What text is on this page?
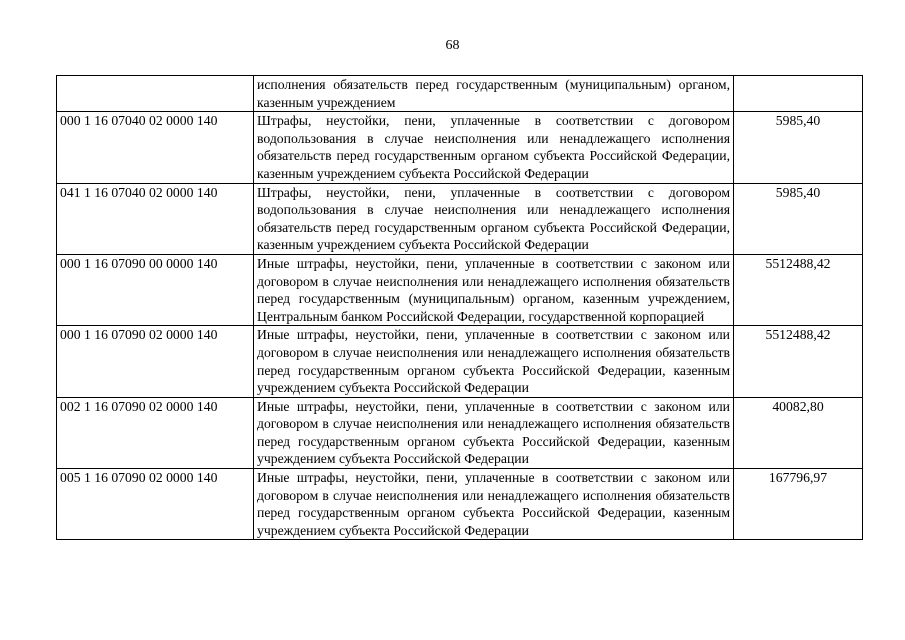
68
	исполнения обязательств перед государственным (муниципальным) органом, казенным учреждением	
000 1 16 07040 02 0000 140	Штрафы, неустойки, пени, уплаченные в соответствии с договором водопользования в случае неисполнения или ненадлежащего исполнения обязательств перед государственным органом субъекта Российской Федерации, казенным учреждением субъекта Российской Федерации	5985,40
041 1 16 07040 02 0000 140	Штрафы, неустойки, пени, уплаченные в соответствии с договором водопользования в случае неисполнения или ненадлежащего исполнения обязательств перед государственным органом субъекта Российской Федерации, казенным учреждением субъекта Российской Федерации	5985,40
000 1 16 07090 00 0000 140	Иные штрафы, неустойки, пени, уплаченные в соответствии с законом или договором в случае неисполнения или ненадлежащего исполнения обязательств перед государственным (муниципальным) органом, казенным учреждением, Центральным банком Российской Федерации, государственной корпорацией	5512488,42
000 1 16 07090 02 0000 140	Иные штрафы, неустойки, пени, уплаченные в соответствии с законом или договором в случае неисполнения или ненадлежащего исполнения обязательств перед государственным органом субъекта Российской Федерации, казенным учреждением субъекта Российской Федерации	5512488,42
002 1 16 07090 02 0000 140	Иные штрафы, неустойки, пени, уплаченные в соответствии с законом или договором в случае неисполнения или ненадлежащего исполнения обязательств перед государственным органом субъекта Российской Федерации, казенным учреждением субъекта Российской Федерации	40082,80
005 1 16 07090 02 0000 140	Иные штрафы, неустойки, пени, уплаченные в соответствии с законом или договором в случае неисполнения или ненадлежащего исполнения обязательств перед государственным органом субъекта Российской Федерации, казенным учреждением субъекта Российской Федерации	167796,97
